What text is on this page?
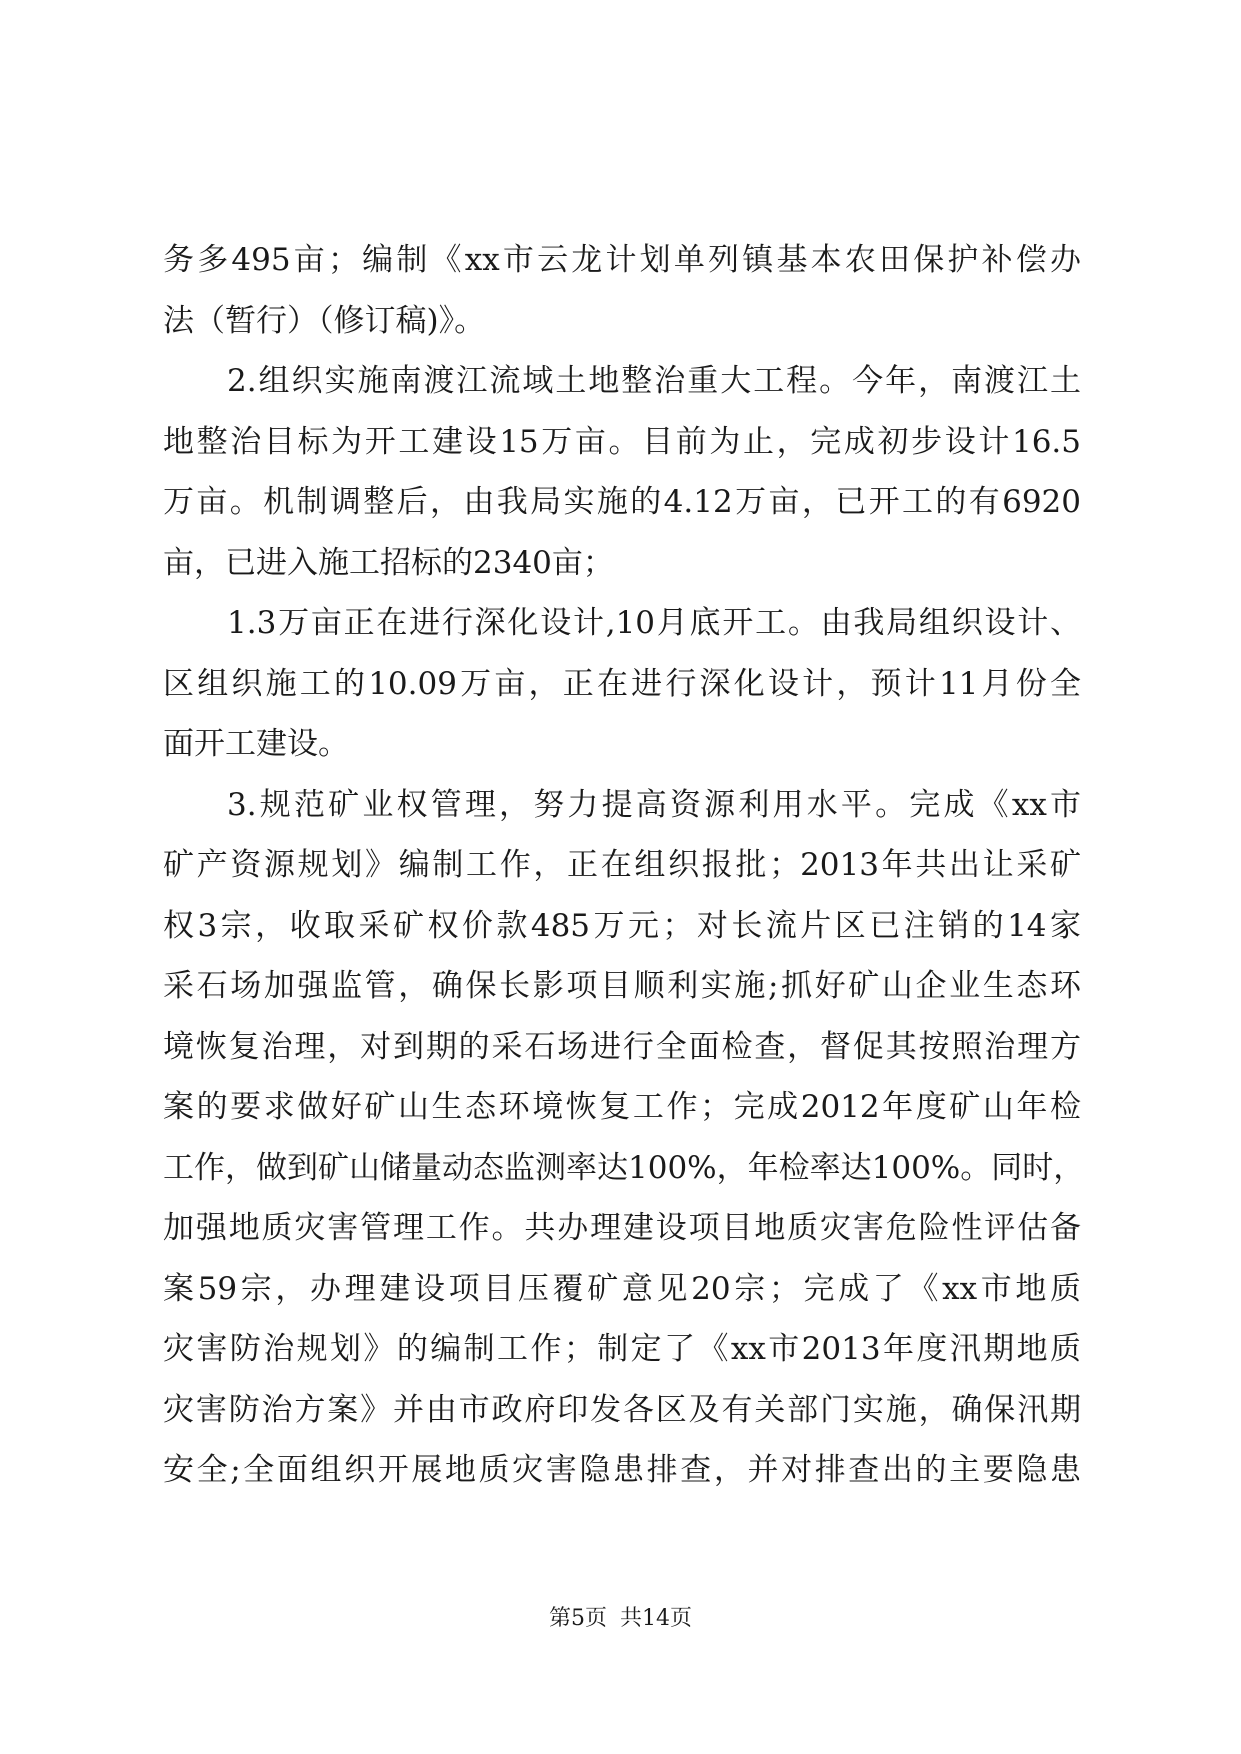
务多495亩；编制《xx市云龙计划单列镇基本农田保护补偿办
法（暂行）（修订稿)》。
2.组织实施南渡江流域土地整治重大工程。今年，南渡江土
地整治目标为开工建设15万亩。目前为止，完成初步设计16.5
万亩。机制调整后，由我局实施的4.12万亩，已开工的有6920
亩，已进入施工招标的2340亩；
1.3万亩正在进行深化设计,10月底开工。由我局组织设计、
区组织施工的10.09万亩，正在进行深化设计，预计11月份全
面开工建设。
3.规范矿业权管理，努力提高资源利用水平。完成《xx市
矿产资源规划》编制工作，正在组织报批；2013年共出让采矿
权3宗，收取采矿权价款485万元；对长流片区已注销的14家
采石场加强监管，确保长影项目顺利实施;抓好矿山企业生态环
境恢复治理，对到期的采石场进行全面检查，督促其按照治理方
案的要求做好矿山生态环境恢复工作；完成2012年度矿山年检
工作，做到矿山储量动态监测率达100%，年检率达100%。同时，
加强地质灾害管理工作。共办理建设项目地质灾害危险性评估备
案59宗，办理建设项目压覆矿意见20宗；完成了《xx市地质
灾害防治规划》的编制工作；制定了《xx市2013年度汛期地质
灾害防治方案》并由市政府印发各区及有关部门实施，确保汛期
安全;全面组织开展地质灾害隐患排查，并对排查出的主要隐患
第5页 共14页
